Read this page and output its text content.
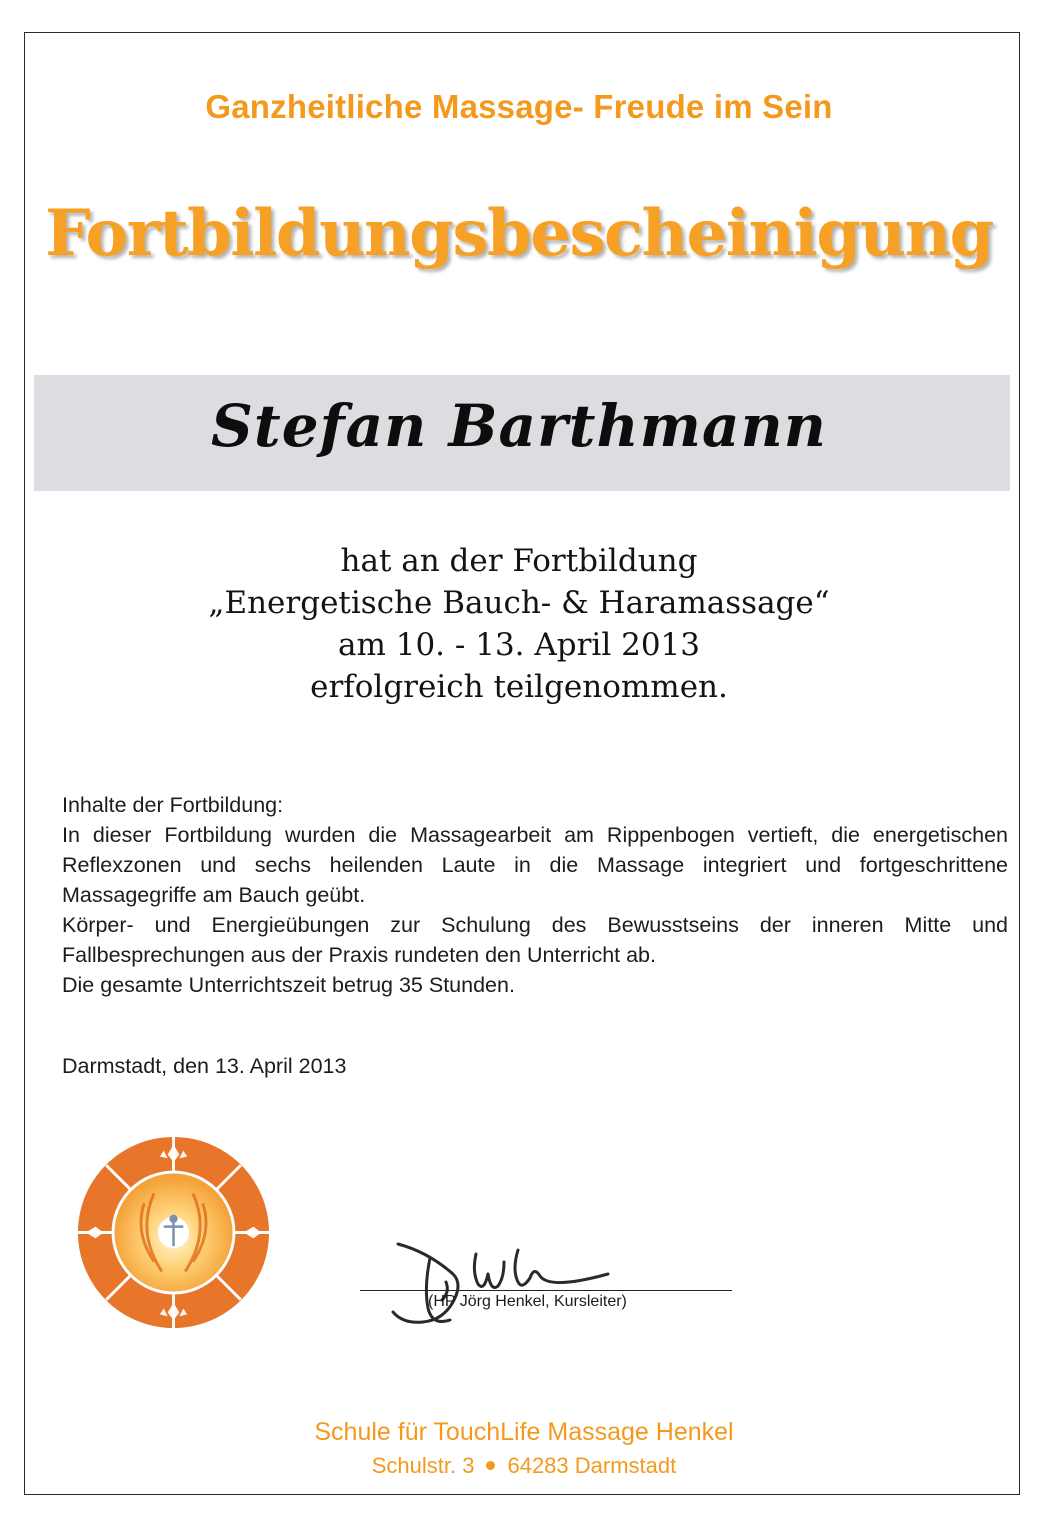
Ganzheitliche Massage- Freude im Sein
Fortbildungsbescheinigung
Stefan Barthmann
hat an der Fortbildung
„Energetische Bauch- & Haramassage“
am 10. - 13. April 2013
erfolgreich teilgenommen.

Inhalte der Fortbildung:

In dieser Fortbildung wurden die Massagearbeit am Rippenbogen vertieft, die energetischen Reflexzonen und sechs heilenden Laute in die Massage integriert und fortgeschrittene Massagegriffe am Bauch geübt.

Körper- und Energieübungen zur Schulung des Bewusstseins der inneren Mitte und Fallbesprechungen aus der Praxis rundeten den Unterricht ab.

Die gesamte Unterrichtszeit betrug 35 Stunden.

Darmstadt, den 13. April 2013
(HP Jörg Henkel, Kursleiter)
Schule für TouchLife Massage Henkel
Schulstr. 3 64283 Darmstadt
